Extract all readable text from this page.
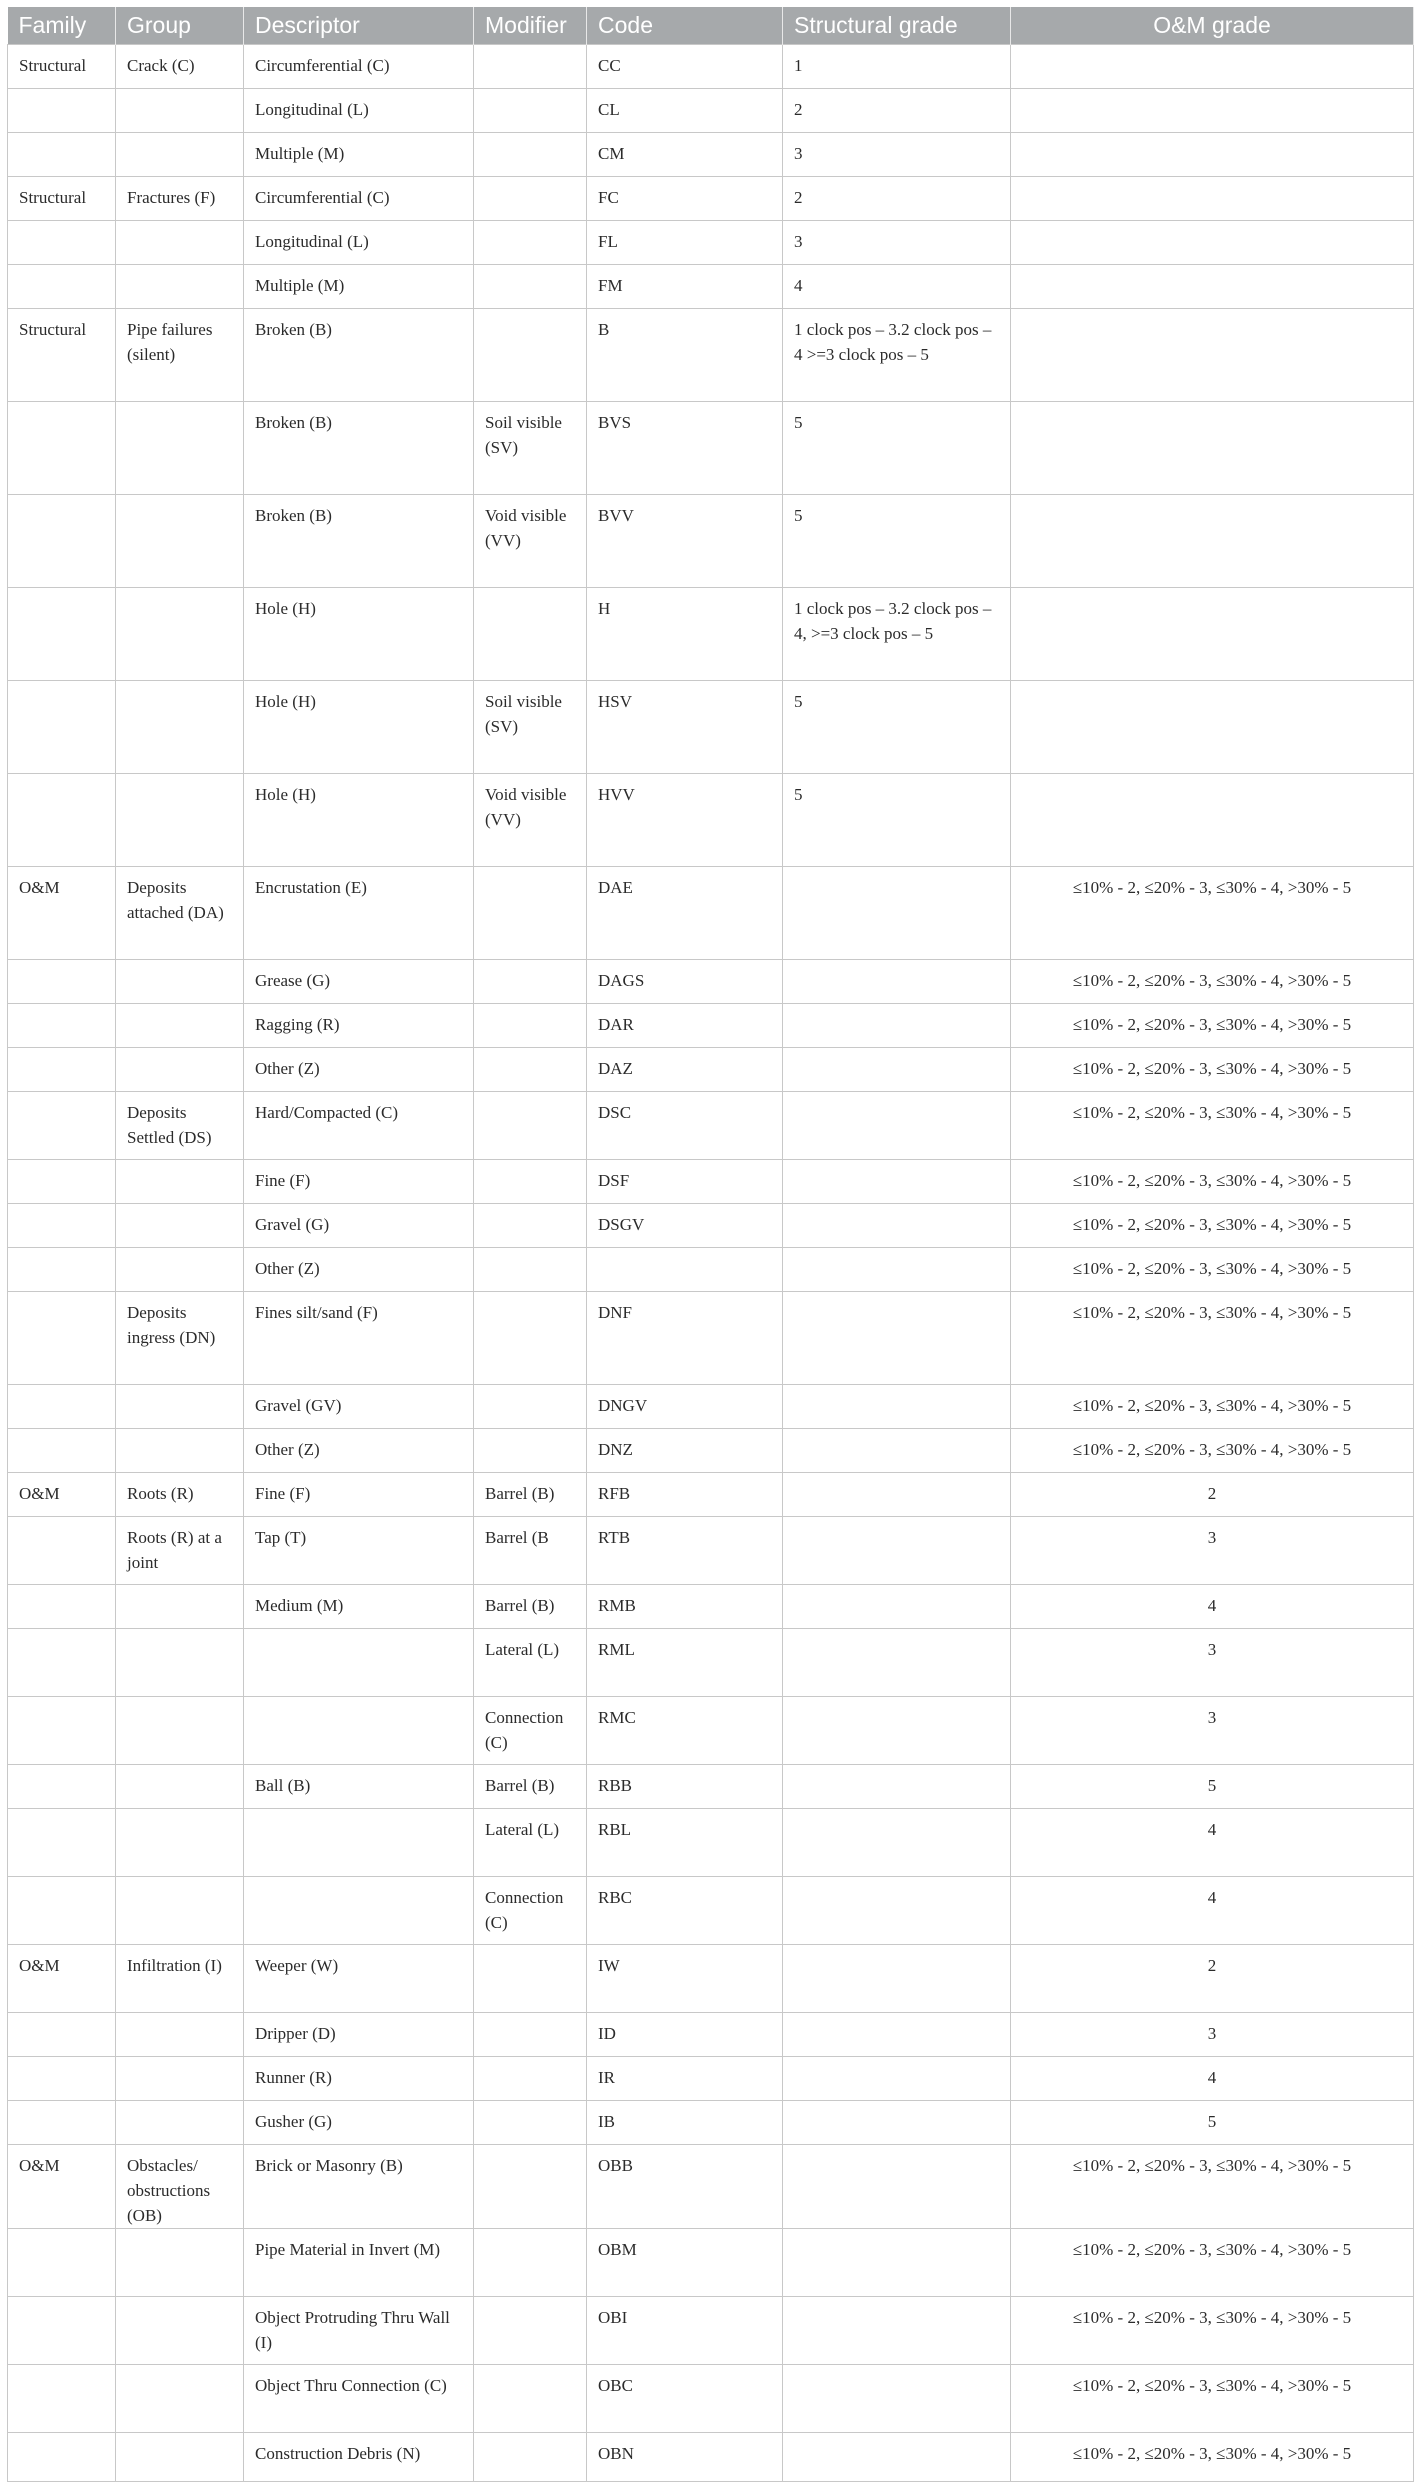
Family	Group	Descriptor	Modifier	Code	Structural grade	O&M grade
Structural	Crack (C)	Circumferential (C)		CC	1	
		Longitudinal (L)		CL	2	
		Multiple (M)		CM	3	
Structural	Fractures (F)	Circumferential (C)		FC	2	
		Longitudinal (L)		FL	3	
		Multiple (M)		FM	4	
Structural	Pipe failures (silent)	Broken (B)		B	1 clock pos – 3.2 clock pos – 4 >=3 clock pos – 5	
		Broken (B)	Soil visible (SV)	BVS	5	
		Broken (B)	Void visible (VV)	BVV	5	
		Hole (H)		H	1 clock pos – 3.2 clock pos – 4, >=3 clock pos – 5	
		Hole (H)	Soil visible (SV)	HSV	5	
		Hole (H)	Void visible (VV)	HVV	5	
O&M	Deposits attached (DA)	Encrustation (E)		DAE		≤10% - 2, ≤20% - 3, ≤30% - 4, >30% - 5
		Grease (G)		DAGS		≤10% - 2, ≤20% - 3, ≤30% - 4, >30% - 5
		Ragging (R)		DAR		≤10% - 2, ≤20% - 3, ≤30% - 4, >30% - 5
		Other (Z)		DAZ		≤10% - 2, ≤20% - 3, ≤30% - 4, >30% - 5
	Deposits Settled (DS)	Hard/Compacted (C)		DSC		≤10% - 2, ≤20% - 3, ≤30% - 4, >30% - 5
		Fine (F)		DSF		≤10% - 2, ≤20% - 3, ≤30% - 4, >30% - 5
		Gravel (G)		DSGV		≤10% - 2, ≤20% - 3, ≤30% - 4, >30% - 5
		Other (Z)				≤10% - 2, ≤20% - 3, ≤30% - 4, >30% - 5
	Deposits ingress (DN)	Fines silt/sand (F)		DNF		≤10% - 2, ≤20% - 3, ≤30% - 4, >30% - 5
		Gravel (GV)		DNGV		≤10% - 2, ≤20% - 3, ≤30% - 4, >30% - 5
		Other (Z)		DNZ		≤10% - 2, ≤20% - 3, ≤30% - 4, >30% - 5
O&M	Roots (R)	Fine (F)	Barrel (B)	RFB		2
	Roots (R) at a joint	Tap (T)	Barrel (B	RTB		3
		Medium (M)	Barrel (B)	RMB		4
			Lateral (L)	RML		3
			Connection (C)	RMC		3
		Ball (B)	Barrel (B)	RBB		5
			Lateral (L)	RBL		4
			Connection (C)	RBC		4
O&M	Infiltration (I)	Weeper (W)		IW		2
		Dripper (D)		ID		3
		Runner (R)		IR		4
		Gusher (G)		IB		5
O&M	Obstacles/ obstructions (OB)	Brick or Masonry (B)		OBB		≤10% - 2, ≤20% - 3, ≤30% - 4, >30% - 5
		Pipe Material in Invert (M)		OBM		≤10% - 2, ≤20% - 3, ≤30% - 4, >30% - 5
		Object Protruding Thru Wall (I)		OBI		≤10% - 2, ≤20% - 3, ≤30% - 4, >30% - 5
		Object Thru Connection (C)		OBC		≤10% - 2, ≤20% - 3, ≤30% - 4, >30% - 5
		Construction Debris (N)		OBN		≤10% - 2, ≤20% - 3, ≤30% - 4, >30% - 5
